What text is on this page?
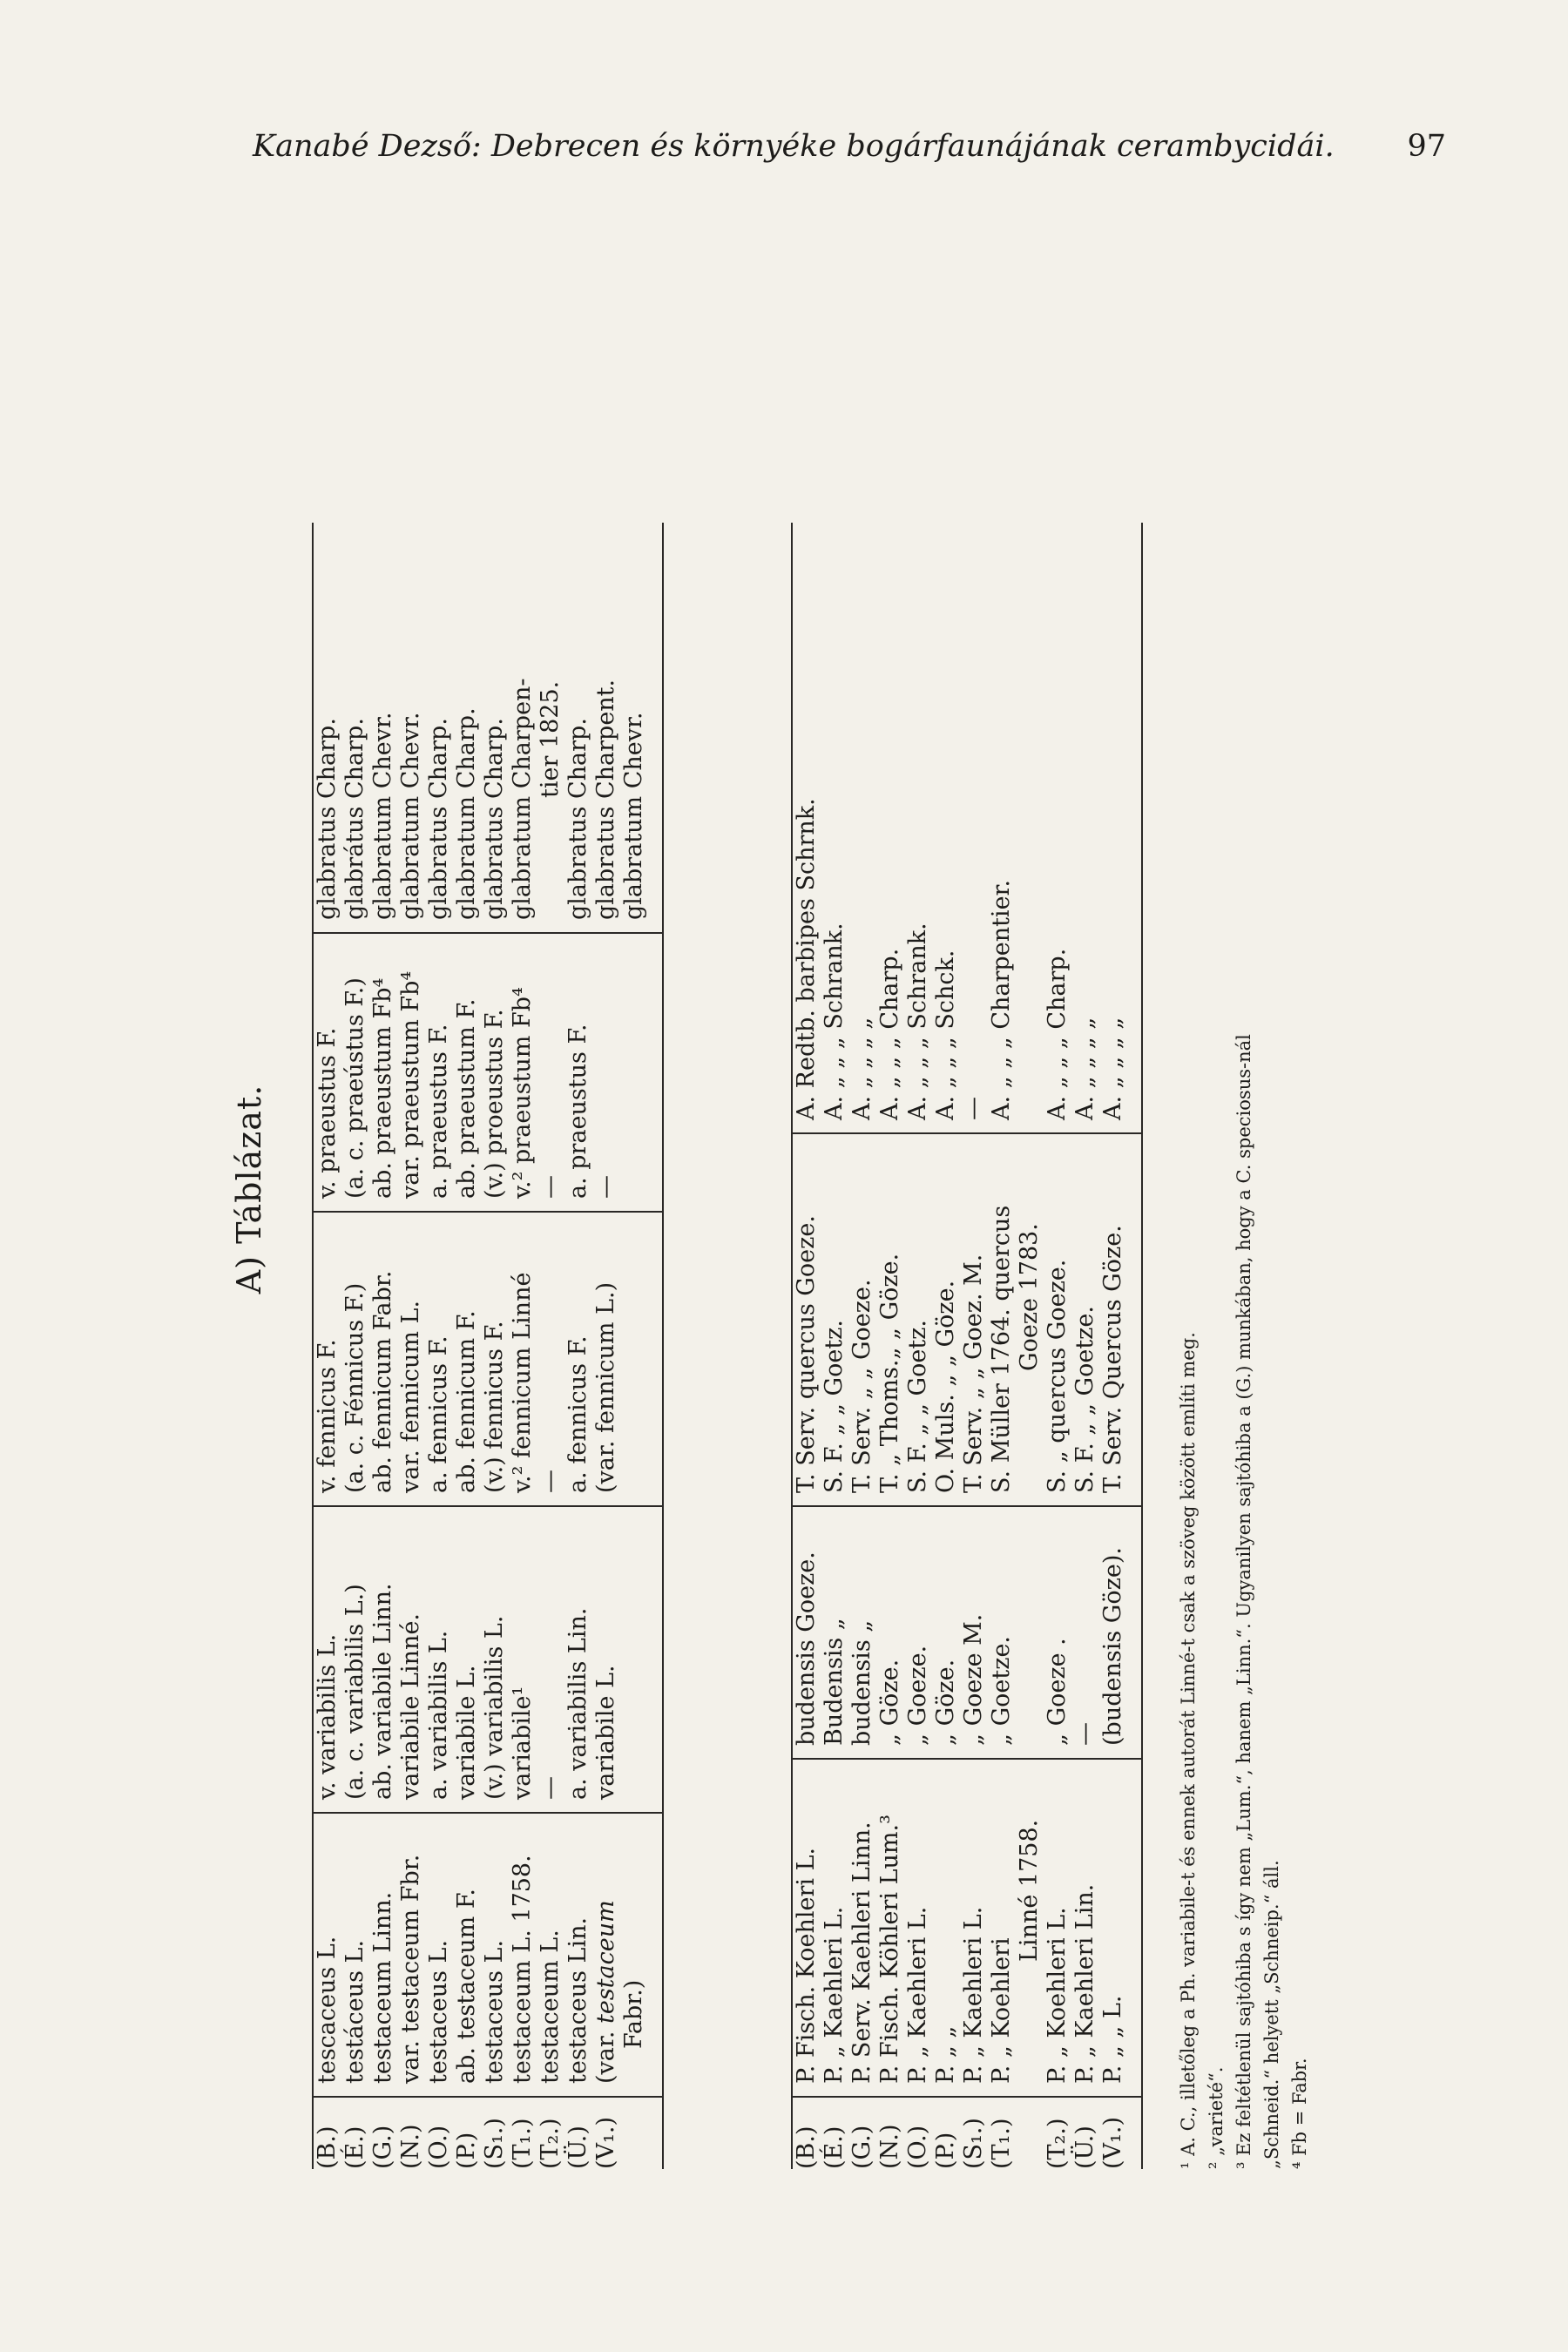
Kanabé Dezső: Debrecen és környéke bogárfaunájának cerambycidái. 97
A) Táblázat.
(B.) (É.) (G.) (N.) (O.) (P.) (S₁.) (T₁.) (T₂.) (Ü.) (V₁.)
tescaceus L. testáceus L. testaceum Linn. var. testaceum Fbr. testaceus L. ab. testaceum F. testaceus L. testaceum L. 1758. testaceum L. testaceus Lin. (var. testaceum Fabr.)
v. variabilis L. (a. c. variabilis L.) ab. variabile Linn. variabile Linné. a. variabilis L. variabile L. (v.) variabilis L. variabile¹ — a. variabilis Lin. variabile L.
v. fennicus F. (a. c. Fénnicus F.) ab. fennicum Fabr. var. fennicum L. a. fennicus F. ab. fennicum F. (v.) fennicus F. v.² fennicum Linné — a. fennicus F. (var. fennicum L.)
v. praeustus F. (a. c. praeústus F.) ab. praeustum Fb⁴ var. praeustum Fb⁴ a. praeustus F. ab. praeustum F. (v.) proeustus F. v.² praeustum Fb⁴ — a. praeustus F. —
glabratus Charp. glabrátus Charp. glabratum Chevr. glabratum Chevr. glabratus Charp. glabratum Charp. glabratus Charp. glabratum Charpen- tier 1825. glabratus Charp. glabratus Charpent. glabratum Chevr.
(B.) (É.) (G.) (N.) (O.) (P.) (S₁.) (T₁.) (T₂.) (Ü.) (V₁.)
P. Fisch. Koehleri L. P. „ Kaehleri L. P. Serv. Kaehleri Linn. P. Fisch. Köhleri Lum.³ P. „ Kaehleri L. P. „ „ P. „ Kaehleri L. P. „ Koehleri
Linné 1758.
P. „ Koehleri L. P. „ Kaehleri Lin. P. „ „ L.
budensis Goeze. Budensis „ budensis „ „ Göze. „ Goeze. „ Göze. „ Goeze M. „ Goetze. „ Goeze . — (budensis Göze).
T. Serv. quercus Goeze. S. F. „ „ Goetz. T. Serv. „ „ Goeze. T. „ Thoms.„ „ Göze. S. F. „ „ Goetz. O. Muls. „ „ Göze. T. Serv. „ „ Goez. M. S. Müller 1764. quercus Goeze 1783. S. „ quercus Goeze. S. F. „ „ Goetze. T. Serv. Quercus Göze.
A. Redtb. barbipes Schrnk. A. „ „ „ Schrank. A. „ „ „ „ A. „ „ „ Charp. A. „ „ „ Schrank. A. „ „ „ Schck. — A. „ „ „ Charpentier. A. „ „ „ Charp. A. „ „ „ „ A. „ „ „ „
¹ A. C., illetőleg a Ph. variabile-t és ennek autorát Linné-t csak a szöveg között említi meg. ² „varieté“. ³ Ez feltétlenül sajtóhiba s így nem „Lum.“, hanem „Linn.“. Ugyanilyen sajtóhiba a (G.) munkában, hogy a C. speciosus-nál „Schneid.“ helyett „Schneip.“ áll. ⁴ Fb = Fabr.
